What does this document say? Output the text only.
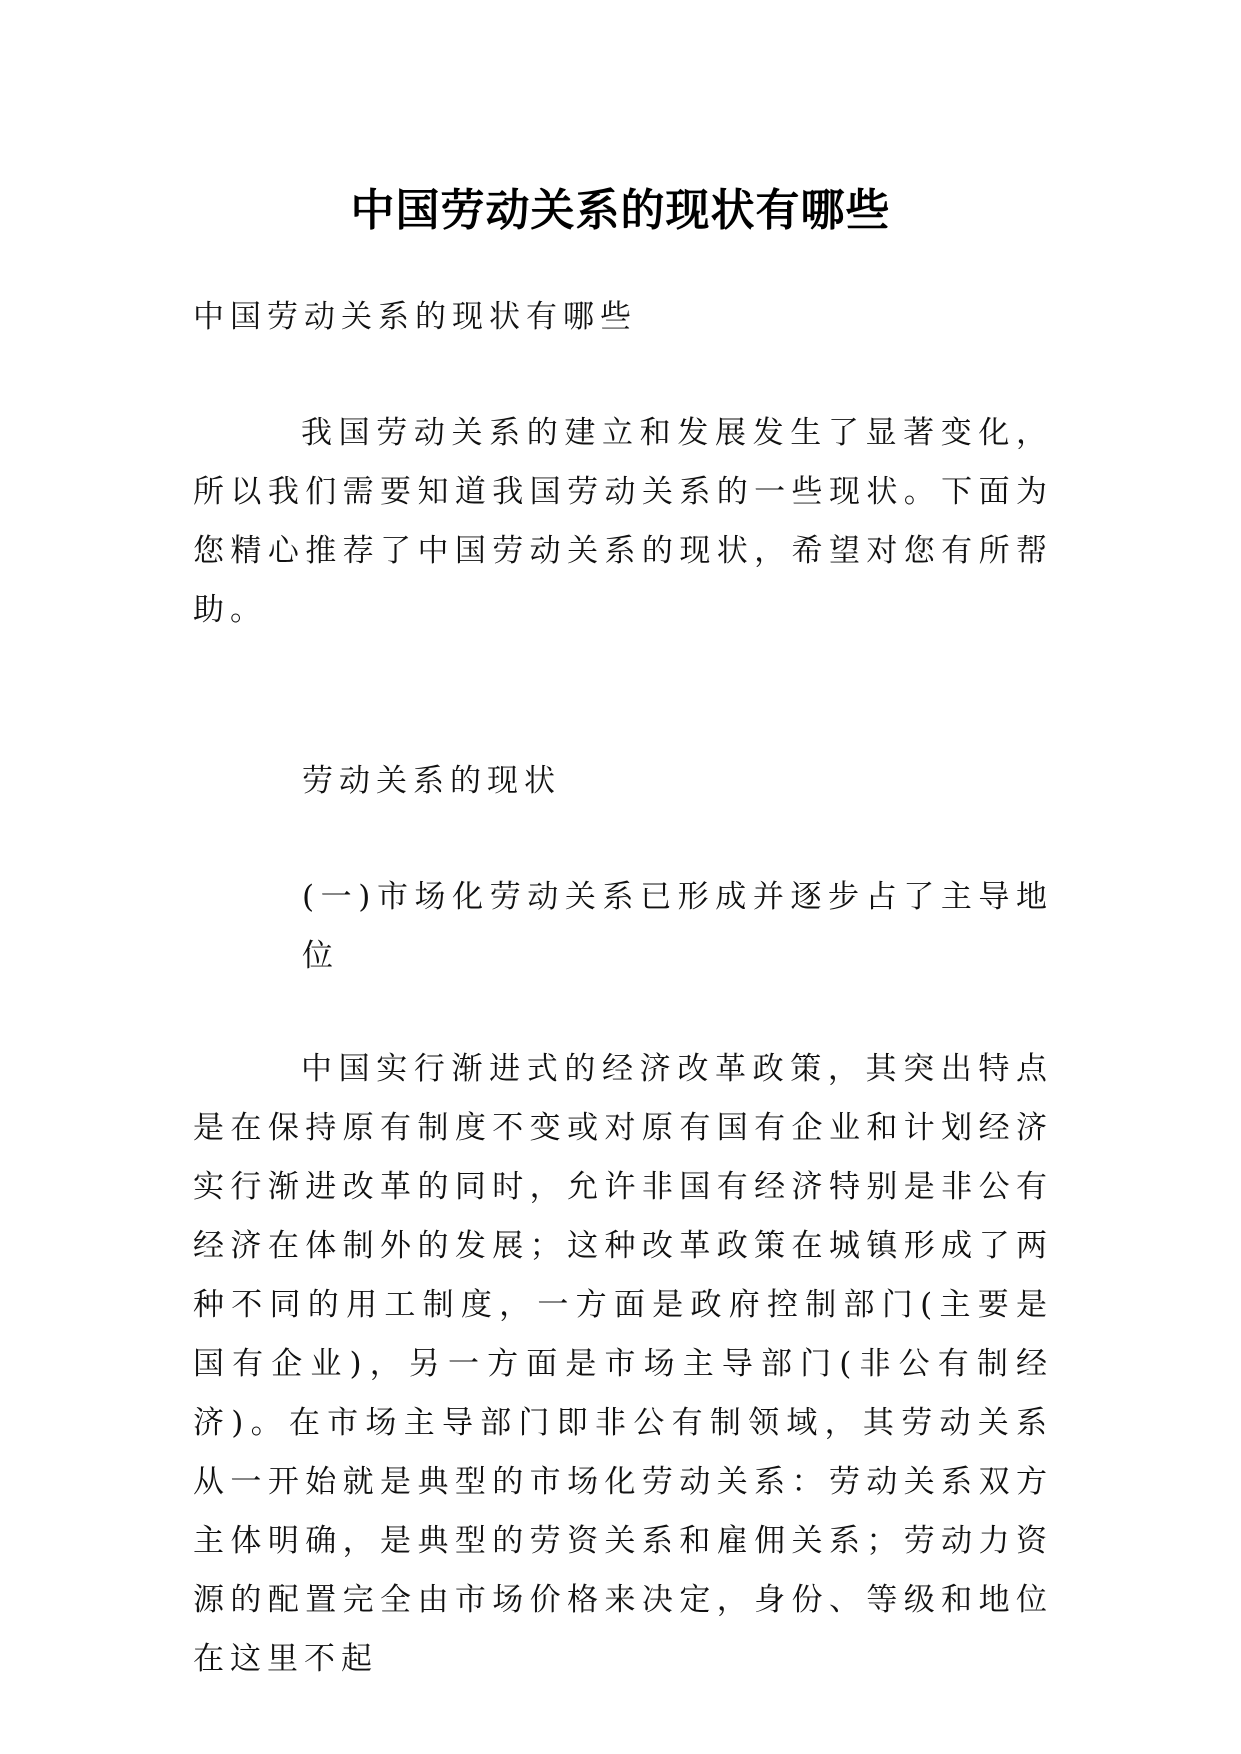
中国劳动关系的现状有哪些

中国劳动关系的现状有哪些

我国劳动关系的建立和发展发生了显著变化，所以我们需要知道我国劳动关系的一些现状。下面为您精心推荐了中国劳动关系的现状，希望对您有所帮助。

劳动关系的现状

(一)市场化劳动关系已形成并逐步占了主导地位

中国实行渐进式的经济改革政策，其突出特点是在保持原有制度不变或对原有国有企业和计划经济实行渐进改革的同时，允许非国有经济特别是非公有经济在体制外的发展；这种改革政策在城镇形成了两种不同的用工制度，一方面是政府控制部门(主要是国有企业)，另一方面是市场主导部门(非公有制经济)。在市场主导部门即非公有制领域，其劳动关系从一开始就是典型的市场化劳动关系：劳动关系双方主体明确，是典型的劳资关系和雇佣关系；劳动力资源的配置完全由市场价格来决定，身份、等级和地位在这里不起
